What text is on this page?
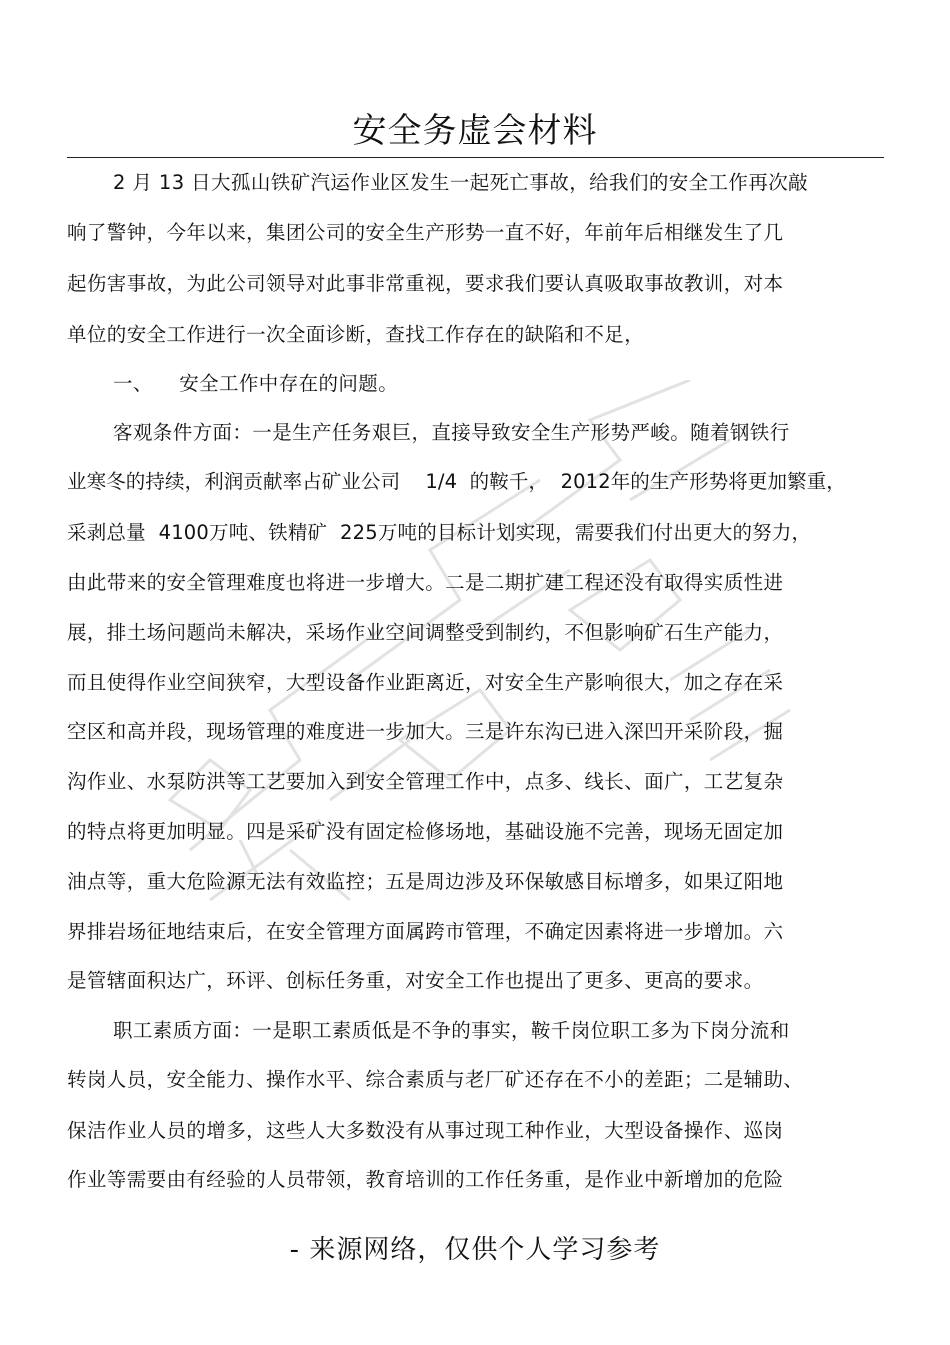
安全务虚会材料
2 月 13 日大孤山铁矿汽运作业区发生一起死亡事故，给我们的安全工作再次敲
响了警钟，今年以来，集团公司的安全生产形势一直不好，年前年后相继发生了几
起伤害事故，为此公司领导对此事非常重视，要求我们要认真吸取事故教训，对本
单位的安全工作进行一次全面诊断，查找工作存在的缺陷和不足，
一、    安全工作中存在的问题。
客观条件方面：一是生产任务艰巨，直接导致安全生产形势严峻。随着钢铁行
业寒冬的持续，利润贡献率占矿业公司    1/4  的鞍千，  2012年的生产形势将更加繁重，
采剥总量  4100万吨、铁精矿  225万吨的目标计划实现，需要我们付出更大的努力，
由此带来的安全管理难度也将进一步增大。二是二期扩建工程还没有取得实质性进
展，排土场问题尚未解决，采场作业空间调整受到制约，不但影响矿石生产能力，
而且使得作业空间狭窄，大型设备作业距离近，对安全生产影响很大，加之存在采
空区和高并段，现场管理的难度进一步加大。三是许东沟已进入深凹开采阶段，掘
沟作业、水泵防洪等工艺要加入到安全管理工作中，点多、线长、面广，工艺复杂
的特点将更加明显。四是采矿没有固定检修场地，基础设施不完善，现场无固定加
油点等，重大危险源无法有效监控；五是周边涉及环保敏感目标增多，如果辽阳地
界排岩场征地结束后，在安全管理方面属跨市管理，不确定因素将进一步增加。六
是管辖面积达广，环评、创标任务重，对安全工作也提出了更多、更高的要求。
职工素质方面：一是职工素质低是不争的事实，鞍千岗位职工多为下岗分流和
转岗人员，安全能力、操作水平、综合素质与老厂矿还存在不小的差距；二是辅助、
保洁作业人员的增多，这些人大多数没有从事过现工种作业，大型设备操作、巡岗
作业等需要由有经验的人员带领，教育培训的工作任务重，是作业中新增加的危险
- 来源网络，仅供个人学习参考
